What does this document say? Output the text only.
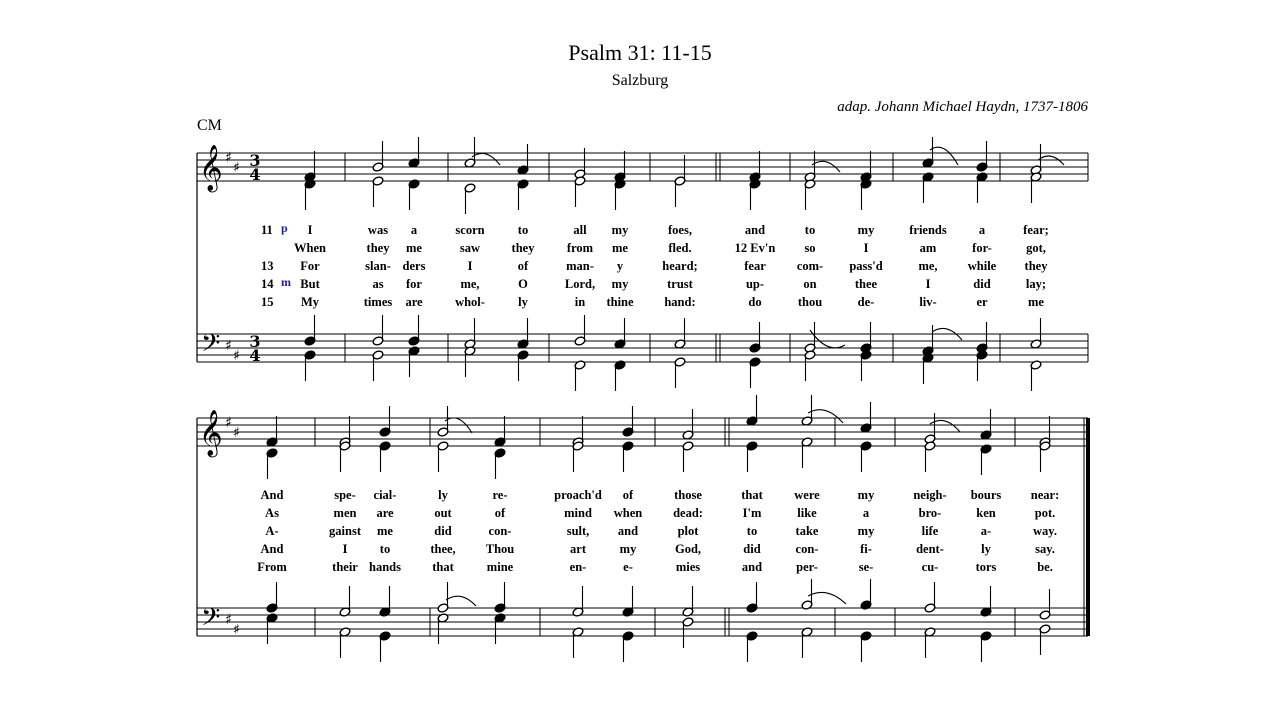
Psalm 31: 11-15
Salzburg
adap. Johann Michael Haydn, 1737-1806
CM
𝄞
𝄢
♯
♯
♯
♯
3
4
3
4
𝄞
𝄢
♯
♯
♯
♯
I	was a	scorn	to	all my	foes,	and	to	my	friends	a	fear;
11 p
When	they me	saw	they	from me	fled.	12 Ev'n so	I	am	for-	got,
For	slan- ders	I	of	man- y	heard;	fear com- pass'd	me, while they
13
But	as for	me,	O	Lord, my	trust	up-	on	thee	I	did	lay;
14 m
My	times are	whol-	ly	in thine hand:	do	thou	de-	liv-	er	me
15
And	spe- cial-	ly	re-	proach'd of	those	that	were	my	neigh- bours near:
As	men are	out	of	mind when dead:	I'm	like	a	bro-	ken	pot.
A-	gainst me	did	con-	sult, and	plot	to	take	my	life	a-	way.
And	I	to	thee, Thou	art	my	God,	did	con-	fi-	dent-	ly	say.
From	their hands that	mine	en-	e-	mies	and	per-	se-	cu-	tors	be.
